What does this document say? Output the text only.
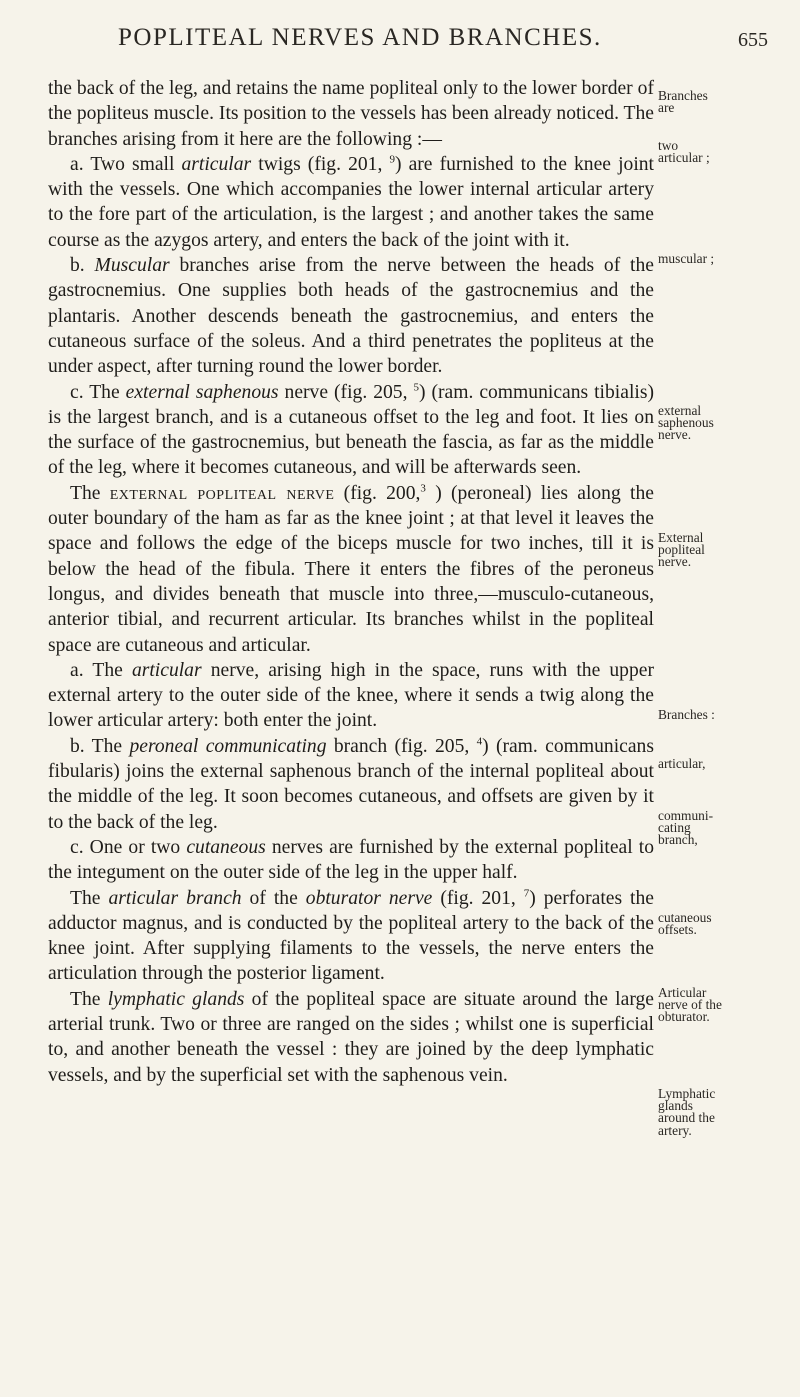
POPLITEAL NERVES AND BRANCHES.	655

the back of the leg, and retains the name popliteal only to the lower border of the popliteus muscle. Its position to the vessels has been already noticed. The branches arising from it here are the following :—

a. Two small articular twigs (fig. 201, $^9$) are furnished to the knee joint with the vessels. One which accompanies the lower internal articular artery to the fore part of the articulation, is the largest ; and another takes the same course as the azygos artery, and enters the back of the joint with it.

b. Muscular branches arise from the nerve between the heads of the gastrocnemius. One supplies both heads of the gastrocnemius and the plantaris. Another descends beneath the gastrocnemius, and enters the cutaneous surface of the soleus. And a third penetrates the popliteus at the under aspect, after turning round the lower border.

c. The external saphenous nerve (fig. 205, $^5$) (ram. communicans tibialis) is the largest branch, and is a cutaneous offset to the leg and foot. It lies on the surface of the gastrocnemius, but beneath the fascia, as far as the middle of the leg, where it becomes cutaneous, and will be afterwards seen.

The external popliteal nerve (fig. 200,$^3$ ) (peroneal) lies along the outer boundary of the ham as far as the knee joint ; at that level it leaves the space and follows the edge of the biceps muscle for two inches, till it is below the head of the fibula. There it enters the fibres of the peroneus longus, and divides beneath that muscle into three,—musculo-cutaneous, anterior tibial, and recurrent articular. Its branches whilst in the popliteal space are cutaneous and articular.

a. The articular nerve, arising high in the space, runs with the upper external artery to the outer side of the knee, where it sends a twig along the lower articular artery: both enter the joint.

b. The peroneal communicating branch (fig. 205, $^4$) (ram. communicans fibularis) joins the external saphenous branch of the internal popliteal about the middle of the leg. It soon becomes cutaneous, and offsets are given by it to the back of the leg.

c. One or two cutaneous nerves are furnished by the external popliteal to the integument on the outer side of the leg in the upper half.

The articular branch of the obturator nerve (fig. 201, $^7$) perforates the adductor magnus, and is conducted by the popliteal artery to the back of the knee joint. After supplying filaments to the vessels, the nerve enters the articulation through the posterior ligament.

The lymphatic glands of the popliteal space are situate around the large arterial trunk. Two or three are ranged on the sides ; whilst one is superficial to, and another beneath the vessel : they are joined by the deep lymphatic vessels, and by the superficial set with the saphenous vein.

Branches
are
two
articular ;
muscular ;
external
saphenous
nerve.
External
popliteal
nerve.
Branches :
articular,
communi-
cating
branch,
cutaneous
offsets.
Articular
nerve of the
obturator.
Lymphatic
glands
around the
artery.
